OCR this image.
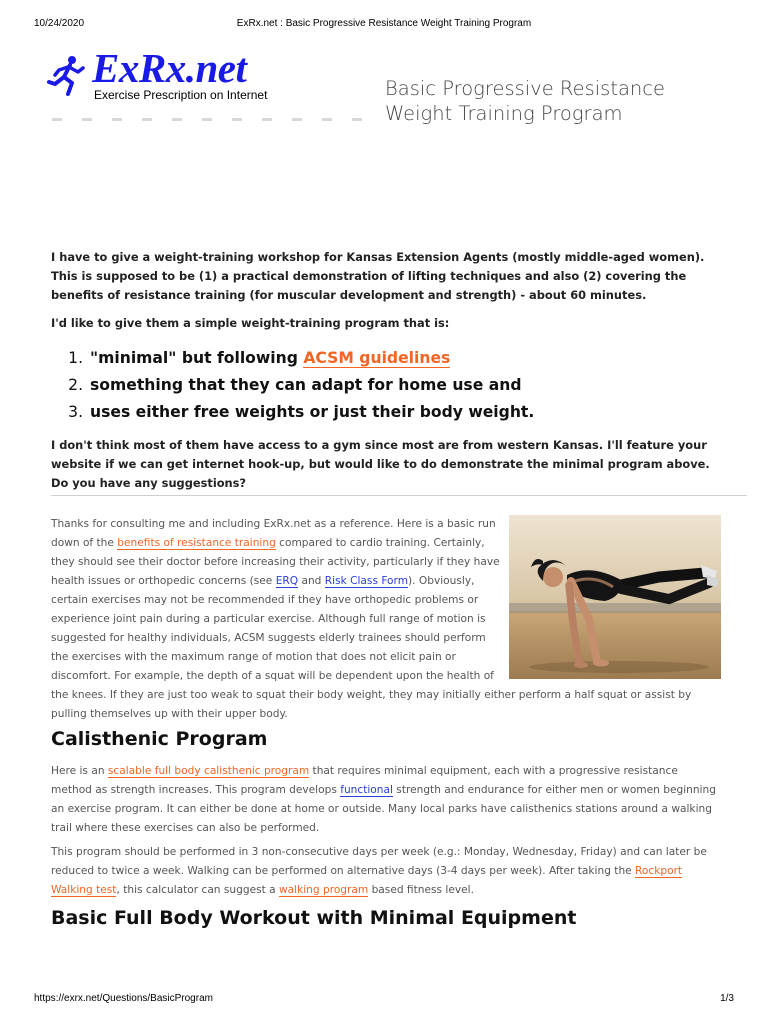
10/24/2020	ExRx.net : Basic Progressive Resistance Weight Training Program
ExRx.net
Exercise Prescription on Internet	Basic Progressive Resistance Weight Training Program

I have to give a weight-training workshop for Kansas Extension Agents (mostly middle-aged women). This is supposed to be (1) a practical demonstration of lifting techniques and also (2) covering the benefits of resistance training (for muscular development and strength) - about 60 minutes.

I'd like to give them a simple weight-training program that is:

1. "minimal" but following ACSM guidelines
2. something that they can adapt for home use and
3. uses either free weights or just their body weight.

I don't think most of them have access to a gym since most are from western Kansas. I'll feature your website if we can get internet hook-up, but would like to do demonstrate the minimal program above. Do you have any suggestions?

Thanks for consulting me and including ExRx.net as a reference. Here is a basic run down of the benefits of resistance training compared to cardio training. Certainly, they should see their doctor before increasing their activity, particularly if they have health issues or orthopedic concerns (see ERQ and Risk Class Form). Obviously, certain exercises may not be recommended if they have orthopedic problems or experience joint pain during a particular exercise. Although full range of motion is suggested for healthy individuals, ACSM suggests elderly trainees should perform the exercises with the maximum range of motion that does not elicit pain or discomfort. For example, the depth of a squat will be dependent upon the health of the knees. If they are just too weak to squat their body weight, they may initially either perform a half squat or assist by pulling themselves up with their upper body.

Calisthenic Program

Here is an scalable full body calisthenic program that requires minimal equipment, each with a progressive resistance method as strength increases. This program develops functional strength and endurance for either men or women beginning an exercise program. It can either be done at home or outside. Many local parks have calisthenics stations around a walking trail where these exercises can also be performed.

This program should be performed in 3 non-consecutive days per week (e.g.: Monday, Wednesday, Friday) and can later be reduced to twice a week. Walking can be performed on alternative days (3-4 days per week). After taking the Rockport Walking test, this calculator can suggest a walking program based fitness level.

Basic Full Body Workout with Minimal Equipment
https://exrx.net/Questions/BasicProgram	1/3
